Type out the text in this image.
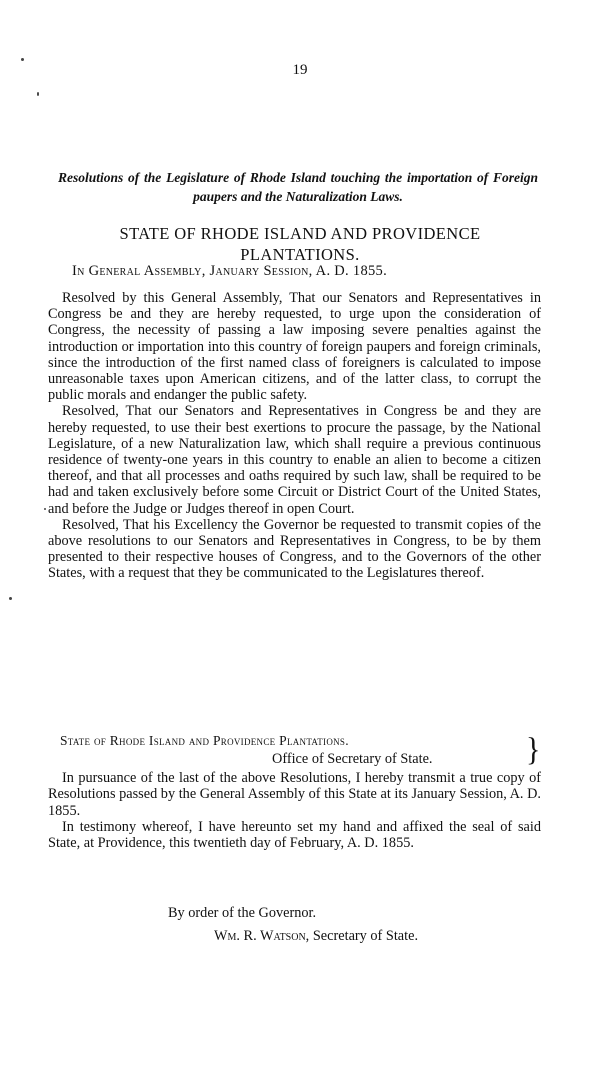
19
Resolutions of the Legislature of Rhode Island touching the importation of Foreign paupers and the Naturalization Laws.
STATE OF RHODE ISLAND AND PROVIDENCE PLANTATIONS.
In General Assembly, January Session, A. D. 1855.

Resolved by this General Assembly, That our Senators and Representatives in Congress be and they are hereby requested, to urge upon the consideration of Congress, the necessity of passing a law imposing severe penalties against the introduction or importation into this country of foreign paupers and foreign criminals, since the introduction of the first named class of foreigners is calculated to impose unreasonable taxes upon American citizens, and of the latter class, to corrupt the public morals and endanger the public safety.

Resolved, That our Senators and Representatives in Congress be and they are hereby requested, to use their best exertions to procure the passage, by the National Legislature, of a new Naturalization law, which shall require a previous continuous residence of twenty-one years in this country to enable an alien to become a citizen thereof, and that all processes and oaths required by such law, shall be required to be had and taken exclusively before some Circuit or District Court of the United States, and before the Judge or Judges thereof in open Court.

Resolved, That his Excellency the Governor be requested to transmit copies of the above resolutions to our Senators and Representatives in Congress, to be by them presented to their respective houses of Congress, and to the Governors of the other States, with a request that they be communicated to the Legislatures thereof.

State of Rhode Island and Providence Plantations.	}
Office of Secretary of State.

In pursuance of the last of the above Resolutions, I hereby transmit a true copy of Resolutions passed by the General Assembly of this State at its January Session, A. D. 1855.

In testimony whereof, I have hereunto set my hand and affixed the seal of said State, at Providence, this twentieth day of February, A. D. 1855.

By order of the Governor.
Wm. R. Watson, Secretary of State.
